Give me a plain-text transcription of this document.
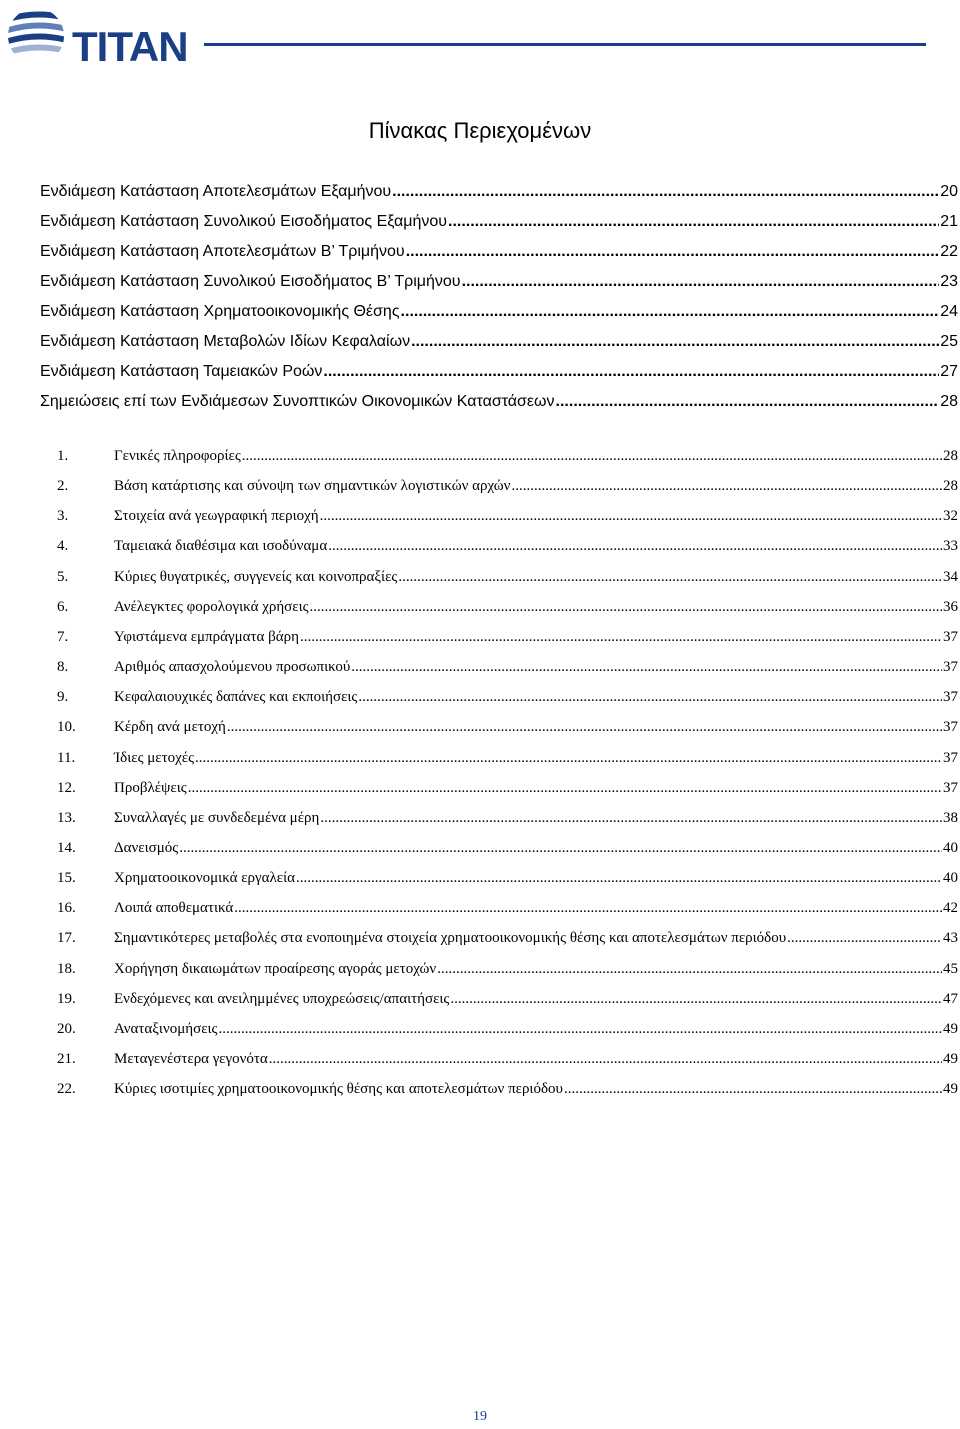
TITAN
Πίνακας Περιεχομένων
Ενδιάμεση Κατάσταση Αποτελεσμάτων Εξαμήνου .....	20
Ενδιάμεση Κατάσταση Συνολικού Εισοδήματος Εξαμήνου .....	21
Ενδιάμεση Κατάσταση Αποτελεσμάτων Β’ Τριμήνου .....	22
Ενδιάμεση Κατάσταση Συνολικού Εισοδήματος Β’ Τριμήνου .....	23
Ενδιάμεση Κατάσταση Χρηματοοικονομικής Θέσης .....	24
Ενδιάμεση Κατάσταση Μεταβολών Ιδίων Κεφαλαίων .....	25
Ενδιάμεση Κατάσταση Ταμειακών Ροών .....	27
Σημειώσεις επί των Ενδιάμεσων Συνοπτικών Οικονομικών Καταστάσεων .....	28
1.	Γενικές πληροφορίες .....	28
2.	Βάση κατάρτισης και σύνοψη των σημαντικών λογιστικών αρχών .....	28
3.	Στοιχεία ανά γεωγραφική περιοχή .....	32
4.	Ταμειακά διαθέσιμα και ισοδύναμα .....	33
5.	Κύριες θυγατρικές, συγγενείς και κοινοπραξίες .....	34
6.	Ανέλεγκτες φορολογικά χρήσεις .....	36
7.	Υφιστάμενα εμπράγματα βάρη .....	37
8.	Αριθμός απασχολούμενου προσωπικού .....	37
9.	Κεφαλαιουχικές δαπάνες και εκποιήσεις .....	37
10.	Κέρδη ανά μετοχή .....	37
11.	Ίδιες μετοχές .....	37
12.	Προβλέψεις .....	37
13.	Συναλλαγές με συνδεδεμένα μέρη .....	38
14.	Δανεισμός .....	40
15.	Χρηματοοικονομικά εργαλεία .....	40
16.	Λοιπά αποθεματικά .....	42
17.	Σημαντικότερες μεταβολές στα ενοποιημένα στοιχεία χρηματοοικονομικής θέσης και αποτελεσμάτων περιόδου .....	43
18.	Χορήγηση δικαιωμάτων προαίρεσης αγοράς μετοχών .....	45
19.	Ενδεχόμενες και ανειλημμένες υποχρεώσεις/απαιτήσεις .....	47
20.	Αναταξινομήσεις .....	49
21.	Μεταγενέστερα γεγονότα .....	49
22.	Κύριες ισοτιμίες χρηματοοικονομικής θέσης και αποτελεσμάτων περιόδου .....	49
19
